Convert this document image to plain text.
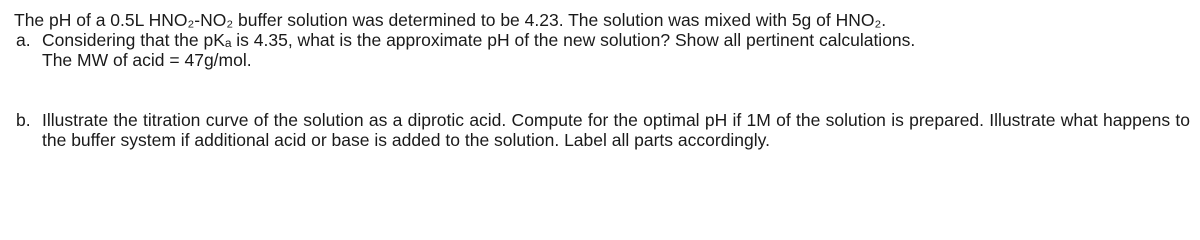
The pH of a 0.5L HNO₂-NO₂ buffer solution was determined to be 4.23. The solution was mixed with 5g of HNO₂.

a. Considering that the pKₐ is 4.35, what is the approximate pH of the new solution? Show all pertinent calculations.
The MW of acid = 47g/mol.
b. Illustrate the titration curve of the solution as a diprotic acid. Compute for the optimal pH if 1M of the solution is prepared. Illustrate what happens to the buffer system if additional acid or base is added to the solution. Label all parts accordingly.
